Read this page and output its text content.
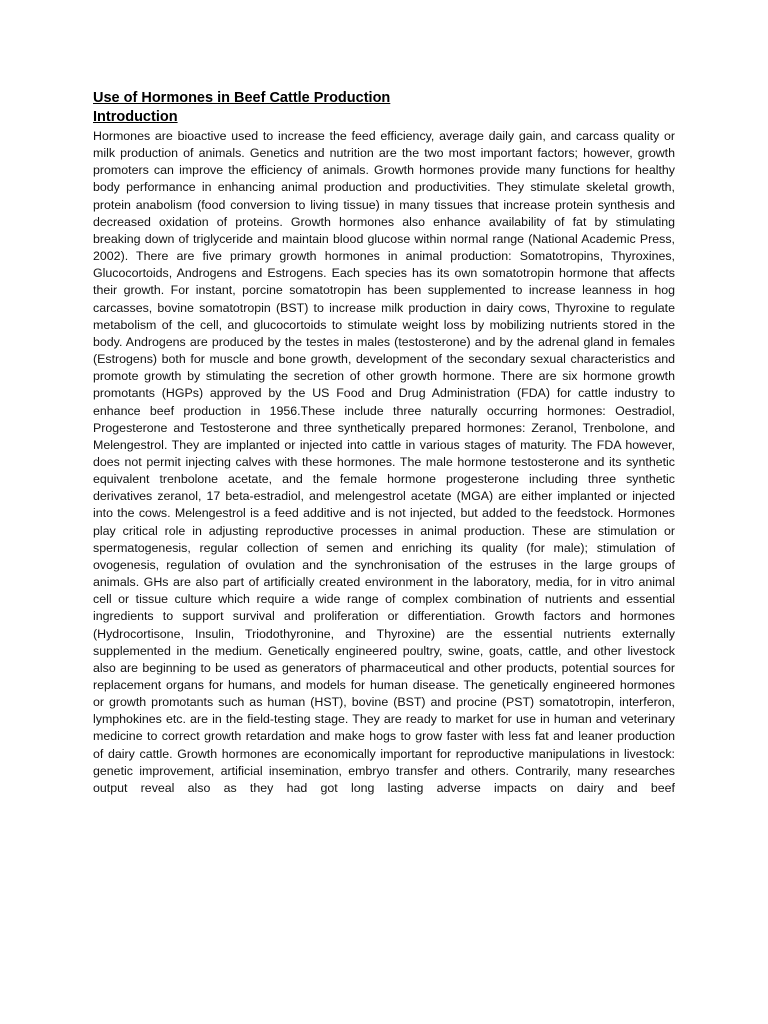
Use of Hormones in Beef Cattle Production
Introduction

Hormones are bioactive used to increase the feed efficiency, average daily gain, and carcass quality or milk production of animals. Genetics and nutrition are the two most important factors; however, growth promoters can improve the efficiency of animals. Growth hormones provide many functions for healthy body performance in enhancing animal production and productivities. They stimulate skeletal growth, protein anabolism (food conversion to living tissue) in many tissues that increase protein synthesis and decreased oxidation of proteins. Growth hormones also enhance availability of fat by stimulating breaking down of triglyceride and maintain blood glucose within normal range (National Academic Press, 2002). There are five primary growth hormones in animal production: Somatotropins, Thyroxines, Glucocortoids, Androgens and Estrogens. Each species has its own somatotropin hormone that affects their growth. For instant, porcine somatotropin has been supplemented to increase leanness in hog carcasses, bovine somatotropin (BST) to increase milk production in dairy cows, Thyroxine to regulate metabolism of the cell, and glucocortoids to stimulate weight loss by mobilizing nutrients stored in the body. Androgens are produced by the testes in males (testosterone) and by the adrenal gland in females (Estrogens) both for muscle and bone growth, development of the secondary sexual characteristics and promote growth by stimulating the secretion of other growth hormone. There are six hormone growth promotants (HGPs) approved by the US Food and Drug Administration (FDA) for cattle industry to enhance beef production in 1956.These include three naturally occurring hormones: Oestradiol, Progesterone and Testosterone and three synthetically prepared hormones: Zeranol, Trenbolone, and Melengestrol. They are implanted or injected into cattle in various stages of maturity. The FDA however, does not permit injecting calves with these hormones. The male hormone testosterone and its synthetic equivalent trenbolone acetate, and the female hormone progesterone including three synthetic derivatives zeranol, 17 beta-estradiol, and melengestrol acetate (MGA) are either implanted or injected into the cows. Melengestrol is a feed additive and is not injected, but added to the feedstock. Hormones play critical role in adjusting reproductive processes in animal production. These are stimulation or spermatogenesis, regular collection of semen and enriching its quality (for male); stimulation of ovogenesis, regulation of ovulation and the synchronisation of the estruses in the large groups of animals. GHs are also part of artificially created environment in the laboratory, media, for in vitro animal cell or tissue culture which require a wide range of complex combination of nutrients and essential ingredients to support survival and proliferation or differentiation. Growth factors and hormones (Hydrocortisone, Insulin, Triodothyronine, and Thyroxine) are the essential nutrients externally supplemented in the medium. Genetically engineered poultry, swine, goats, cattle, and other livestock also are beginning to be used as generators of pharmaceutical and other products, potential sources for replacement organs for humans, and models for human disease. The genetically engineered hormones or growth promotants such as human (HST), bovine (BST) and procine (PST) somatotropin, interferon, lymphokines etc. are in the field-testing stage. They are ready to market for use in human and veterinary medicine to correct growth retardation and make hogs to grow faster with less fat and leaner production of dairy cattle. Growth hormones are economically important for reproductive manipulations in livestock: genetic improvement, artificial insemination, embryo transfer and others. Contrarily, many researches output reveal also as they had got long lasting adverse impacts on dairy and beef
